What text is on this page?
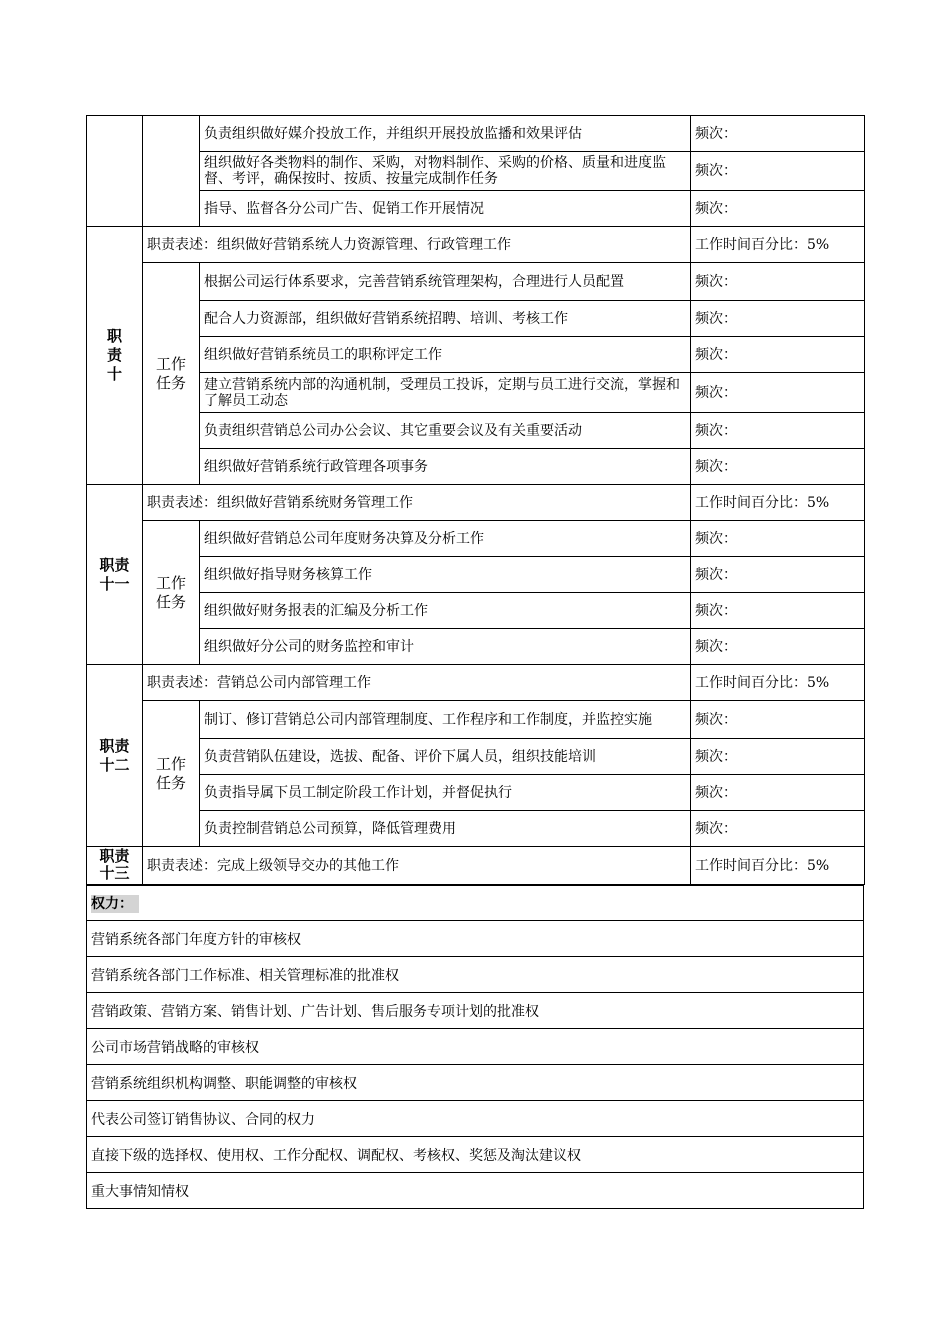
		负责组织做好媒介投放工作，并组织开展投放监播和效果评估	频次：
		组织做好各类物料的制作、采购，对物料制作、采购的价格、质量和进度监督、考评，确保按时、按质、按量完成制作任务	频次：
		指导、监督各分公司广告、促销工作开展情况	频次：
职责十	职责表述：组织做好营销系统人力资源管理、行政管理工作		工作时间百分比：5%
	工作任务	根据公司运行体系要求，完善营销系统管理架构，合理进行人员配置	频次：
		配合人力资源部，组织做好营销系统招聘、培训、考核工作	频次：
		组织做好营销系统员工的职称评定工作	频次：
		建立营销系统内部的沟通机制，受理员工投诉，定期与员工进行交流，掌握和了解员工动态	频次：
		负责组织营销总公司办公会议、其它重要会议及有关重要活动	频次：
		组织做好营销系统行政管理各项事务	频次：
职责十一	职责表述：组织做好营销系统财务管理工作		工作时间百分比：5%
	工作任务	组织做好营销总公司年度财务决算及分析工作	频次：
		组织做好指导财务核算工作	频次：
		组织做好财务报表的汇编及分析工作	频次：
		组织做好分公司的财务监控和审计	频次：
职责十二	职责表述：营销总公司内部管理工作		工作时间百分比：5%
	工作任务	制订、修订营销总公司内部管理制度、工作程序和工作制度，并监控实施	频次：
		负责营销队伍建设，选拔、配备、评价下属人员，组织技能培训	频次：
		负责指导属下员工制定阶段工作计划，并督促执行	频次：
		负责控制营销总公司预算，降低管理费用	频次：
职责十三	职责表述：完成上级领导交办的其他工作		工作时间百分比：5%
权力：
营销系统各部门年度方针的审核权
营销系统各部门工作标准、相关管理标准的批准权
营销政策、营销方案、销售计划、广告计划、售后服务专项计划的批准权
公司市场营销战略的审核权
营销系统组织机构调整、职能调整的审核权
代表公司签订销售协议、合同的权力
直接下级的选择权、使用权、工作分配权、调配权、考核权、奖惩及淘汰建议权
重大事情知情权
